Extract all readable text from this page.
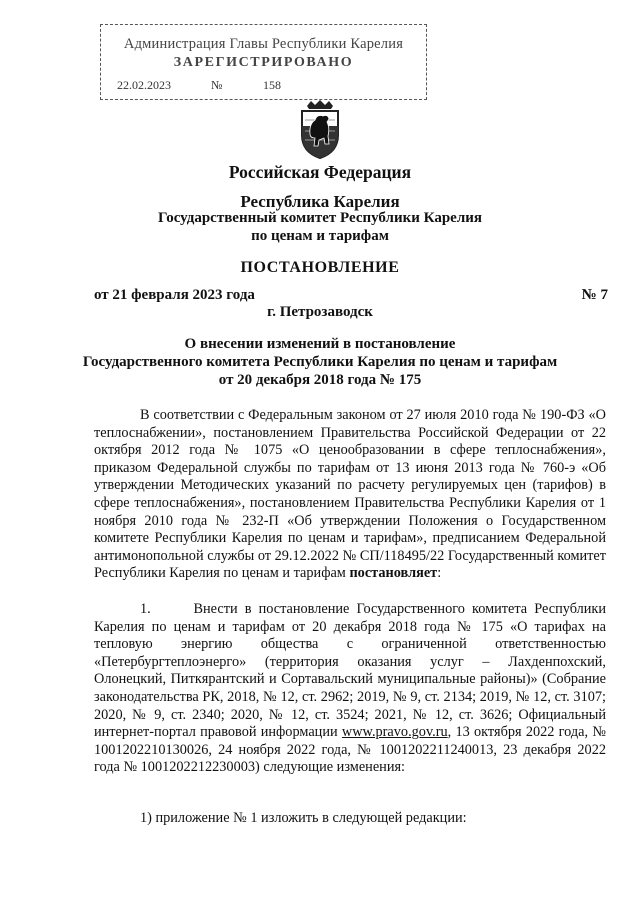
Администрация Главы Республики Карелия
ЗАРЕГИСТРИРОВАНО
22.02.2023	№	158
Российская Федерация
Республика Карелия
Государственный комитет Республики Карелия
по ценам и тарифам
ПОСТАНОВЛЕНИЕ
от 21 февраля 2023 года	№ 7
г. Петрозаводск
О внесении изменений в постановление
Государственного комитета Республики Карелия по ценам и тарифам
от 20 декабря 2018 года № 175
В соответствии с Федеральным законом от 27 июля 2010 года № 190-ФЗ «О теплоснабжении», постановлением Правительства Российской Федерации от 22 октября 2012 года № 1075 «О ценообразовании в сфере теплоснабжения», приказом Федеральной службы по тарифам от 13 июня 2013 года № 760-э «Об утверждении Методических указаний по расчету регулируемых цен (тарифов) в сфере теплоснабжения», постановлением Правительства Республики Карелия от 1 ноября 2010 года № 232-П «Об утверждении Положения о Государственном комитете Республики Карелия по ценам и тарифам», предписанием Федеральной антимонопольной службы от 29.12.2022 № СП/118495/22 Государственный комитет Республики Карелия по ценам и тарифам постановляет:
1.	Внести в постановление Государственного комитета Республики Карелия по ценам и тарифам от 20 декабря 2018 года № 175 «О тарифах на тепловую энергию общества с ограниченной ответственностью «Петербургтеплоэнерго» (территория оказания услуг – Лахденпохский, Олонецкий, Питкярантский и Сортавальский муниципальные районы)» (Собрание законодательства РК, 2018, № 12, ст. 2962; 2019, № 9, ст. 2134; 2019, № 12, ст. 3107; 2020, № 9, ст. 2340; 2020, № 12, ст. 3524; 2021, № 12, ст. 3626; Официальный интернет-портал правовой информации www.pravo.gov.ru, 13 октября 2022 года, № 1001202210130026, 24 ноября 2022 года, № 1001202211240013, 23 декабря 2022 года № 1001202212230003) следующие изменения:
1) приложение № 1 изложить в следующей редакции:
